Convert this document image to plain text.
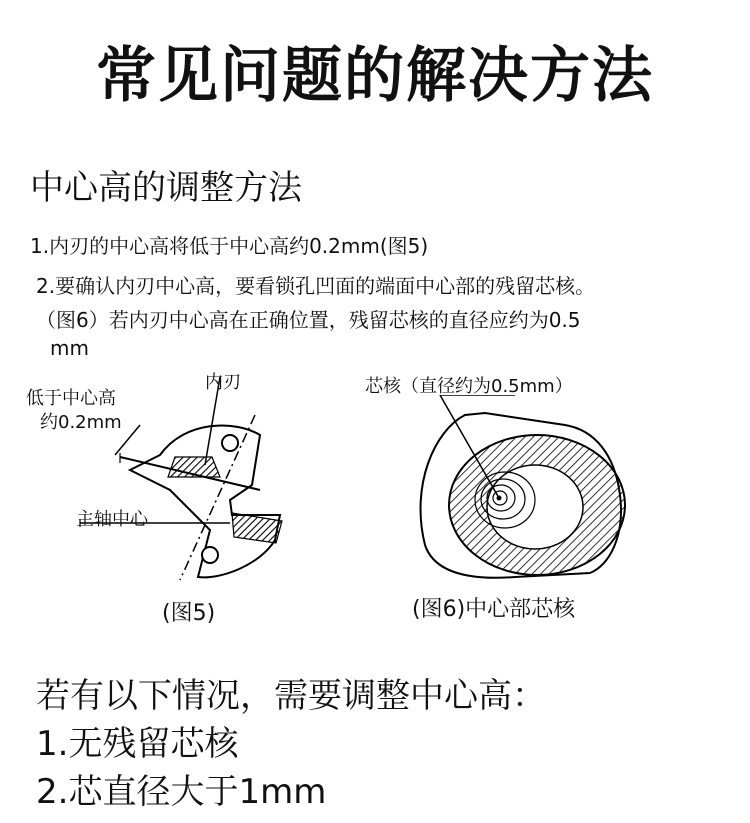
常见问题的解决方法
中心高的调整方法
1.内刃的中心高将低于中心高约0.2mm(图5)
2.要确认内刃中心高，要看锁孔凹面的端面中心部的残留芯核。
（图6）若内刃中心高在正确位置，残留芯核的直径应约为0.5
mm
低于中心高
约0.2mm
内刃
主轴中心
(图5)
芯核（直径约为0.5mm）
(图6)中心部芯核
若有以下情况，需要调整中心高：
1.无残留芯核
2.芯直径大于1mm
